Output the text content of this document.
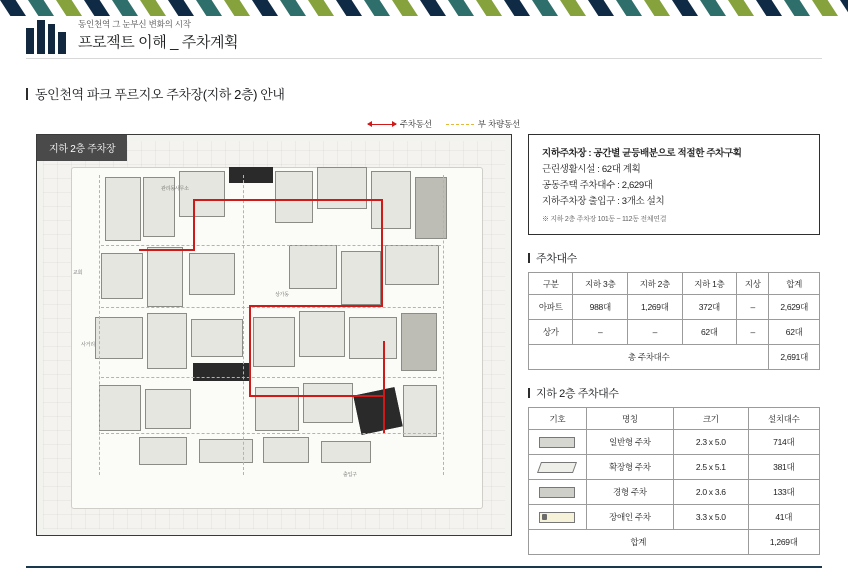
동인천역 그 눈부신 변화의 시작
프로젝트 이해 _ 주차계획
동인천역 파크 푸르지오 주차장(지하 2층) 안내
주차동선	부 차량동선
관리동사무소
교회
사거리
상가동
출입구
지하 2층 주차장	지하주차장 : 공간별 균등배분으로 적절한 주차구획
근린생활시설 : 62대 계획
공동주택 주차대수 : 2,629대
지하주차장 출입구 : 3개소 설치
※ 지하 2층 주차장 101동 ~ 112동 전체연결
주차대수
구분	지하 3층	지하 2층	지하 1층	지상	합계
아파트	988대	1,269대	372대	–	2,629대
상가	–	–	62대	–	62대
총 주차대수					2,691대
지하 2층 주차대수
기호	명칭	크기	설치대수
	일반형 주차	2.3 x 5.0	714대
	확장형 주차	2.5 x 5.1	381대
	경형 주차	2.0 x 3.6	133대
	장애인 주차	3.3 x 5.0	41대
합계			1,269대
